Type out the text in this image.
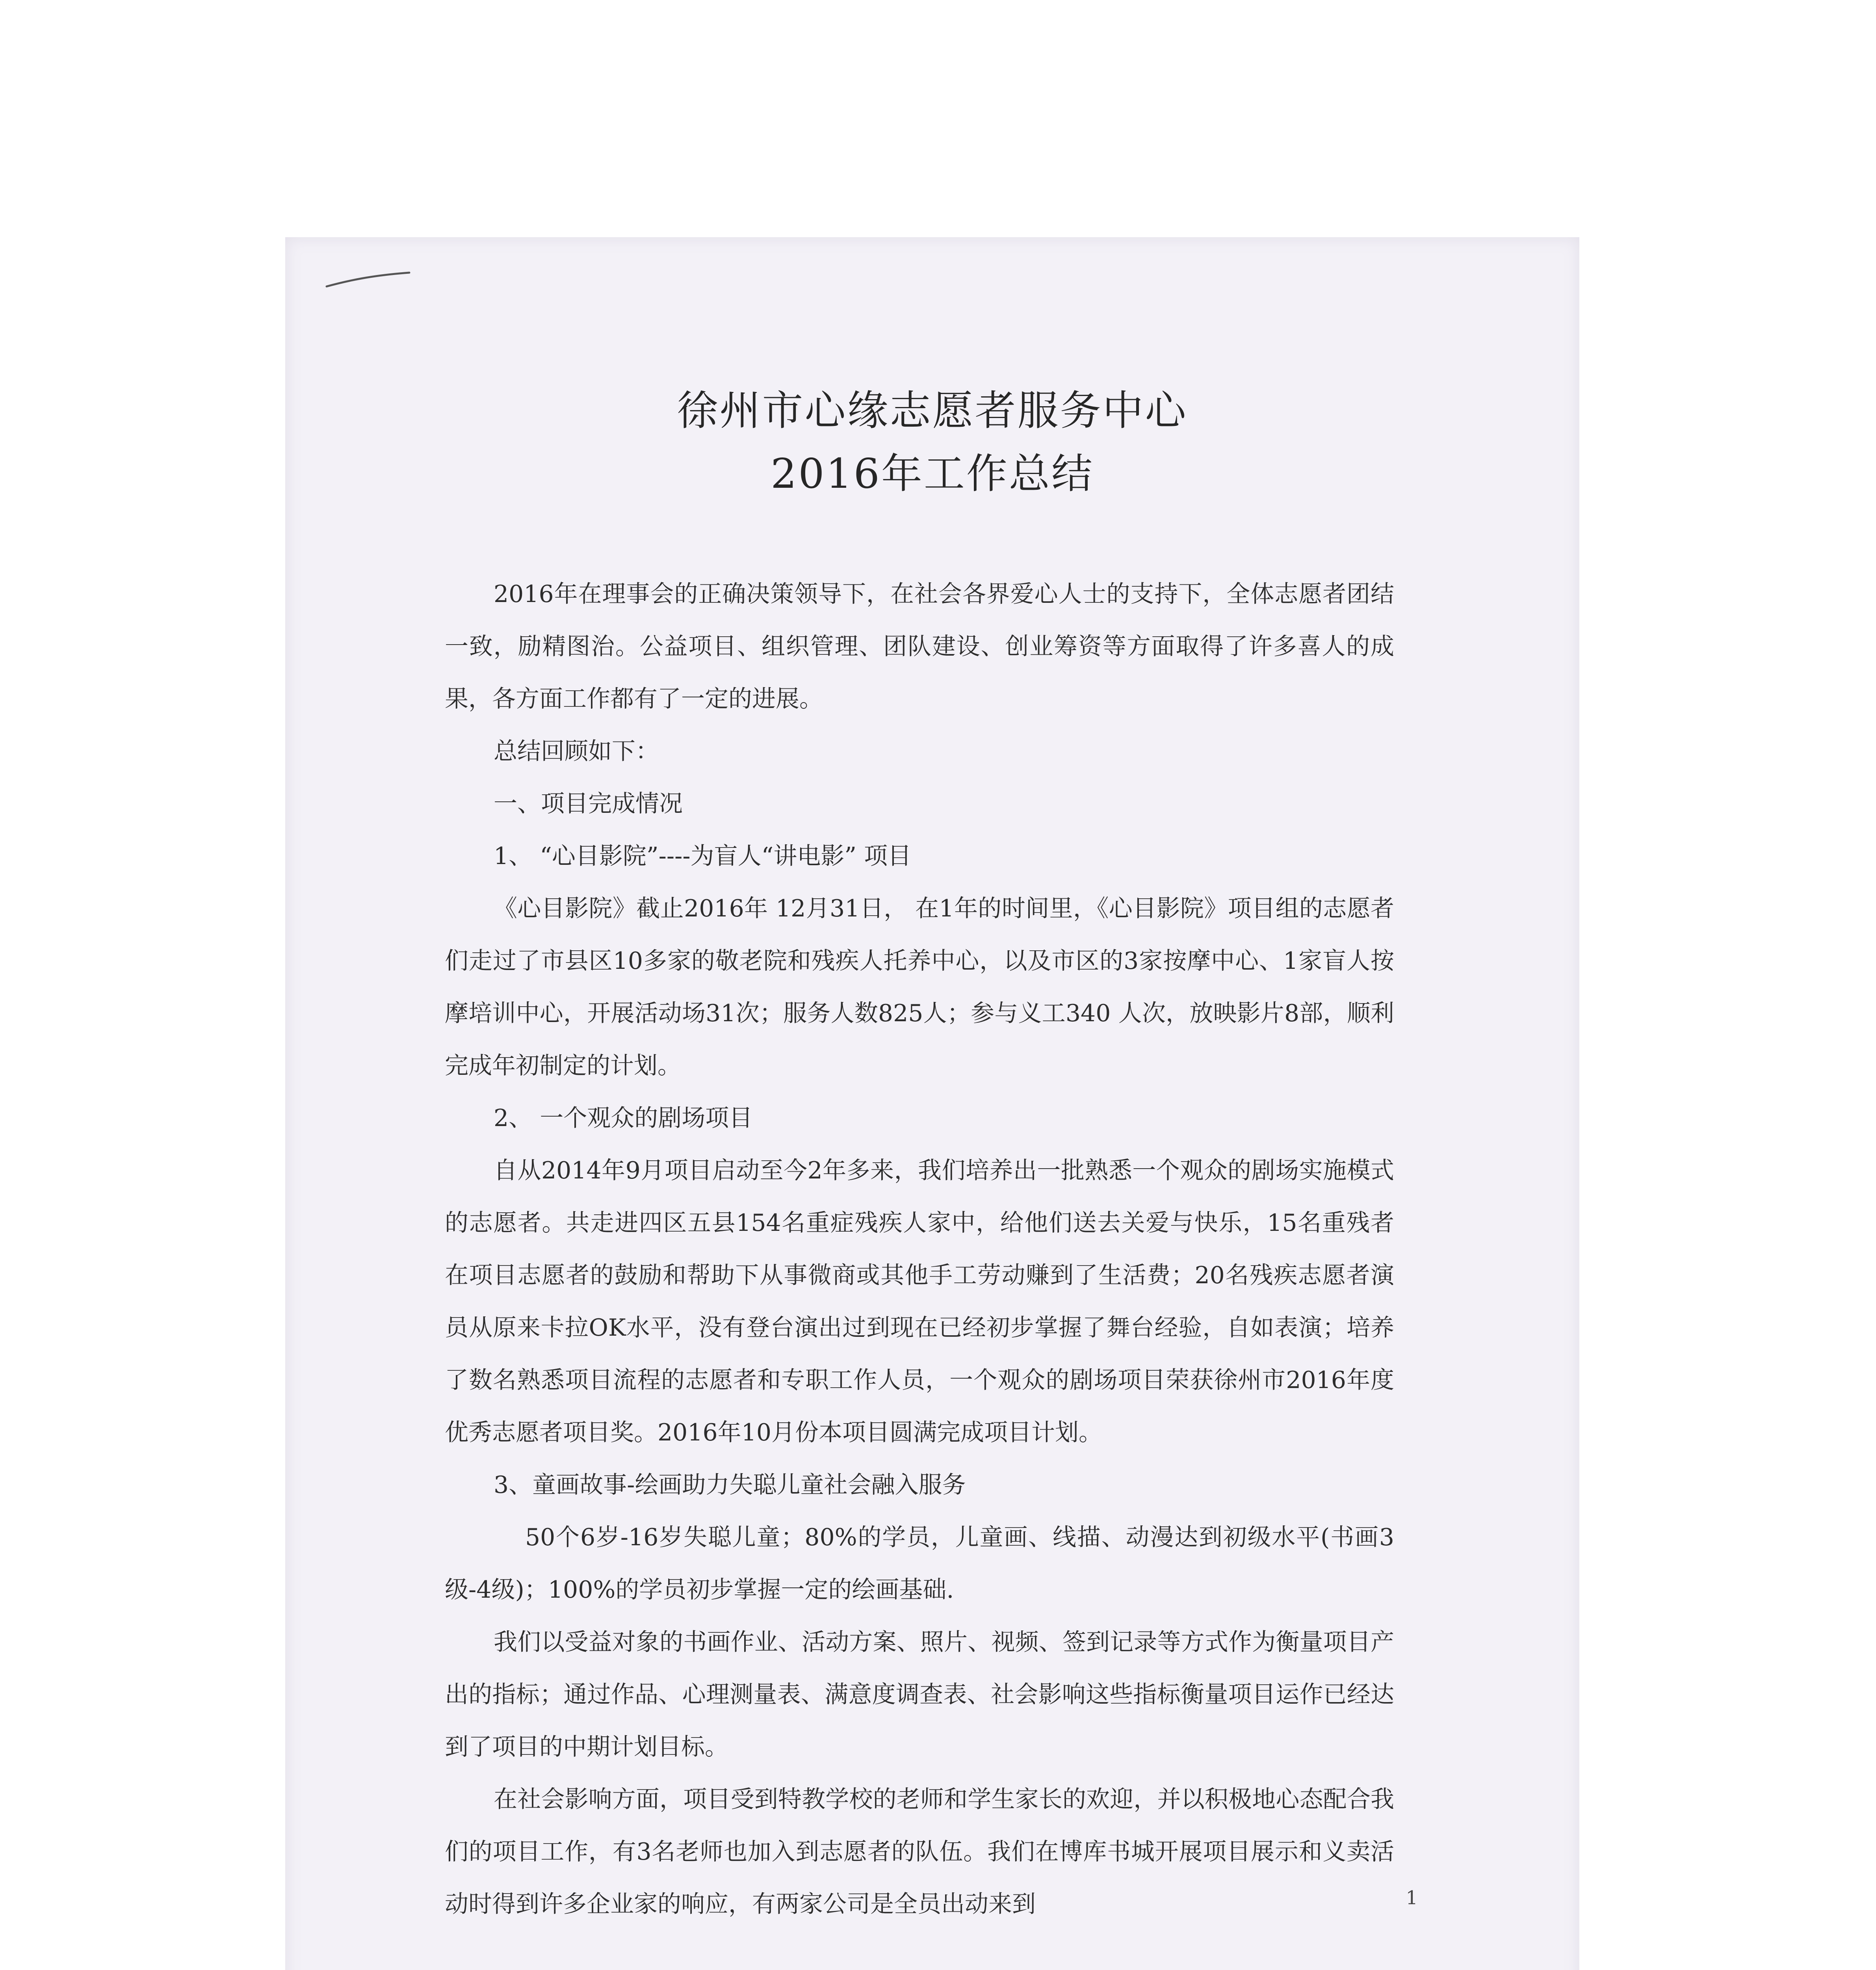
徐州市心缘志愿者服务中心
2016年工作总结

2016年在理事会的正确决策领导下，在社会各界爱心人士的支持下，全体志愿者团结一致，励精图治。公益项目、组织管理、团队建设、创业筹资等方面取得了许多喜人的成果，各方面工作都有了一定的进展。

总结回顾如下：

一、项目完成情况

1、 “心目影院”----为盲人“讲电影” 项目

《心目影院》截止2016年 12月31日， 在1年的时间里，《心目影院》项目组的志愿者们走过了市县区10多家的敬老院和残疾人托养中心，以及市区的3家按摩中心、1家盲人按摩培训中心，开展活动场31次；服务人数825人；参与义工340 人次，放映影片8部，顺利完成年初制定的计划。

2、 一个观众的剧场项目

自从2014年9月项目启动至今2年多来，我们培养出一批熟悉一个观众的剧场实施模式的志愿者。共走进四区五县154名重症残疾人家中，给他们送去关爱与快乐，15名重残者在项目志愿者的鼓励和帮助下从事微商或其他手工劳动赚到了生活费；20名残疾志愿者演员从原来卡拉OK水平，没有登台演出过到现在已经初步掌握了舞台经验，自如表演；培养了数名熟悉项目流程的志愿者和专职工作人员，一个观众的剧场项目荣获徐州市2016年度优秀志愿者项目奖。2016年10月份本项目圆满完成项目计划。

3、童画故事-绘画助力失聪儿童社会融入服务

50个6岁-16岁失聪儿童；80%的学员，儿童画、线描、动漫达到初级水平(书画3级-4级)；100%的学员初步掌握一定的绘画基础.

我们以受益对象的书画作业、活动方案、照片、视频、签到记录等方式作为衡量项目产出的指标；通过作品、心理测量表、满意度调查表、社会影响这些指标衡量项目运作已经达到了项目的中期计划目标。

在社会影响方面，项目受到特教学校的老师和学生家长的欢迎，并以积极地心态配合我们的项目工作，有3名老师也加入到志愿者的队伍。我们在博库书城开展项目展示和义卖活动时得到许多企业家的响应，有两家公司是全员出动来到	1
